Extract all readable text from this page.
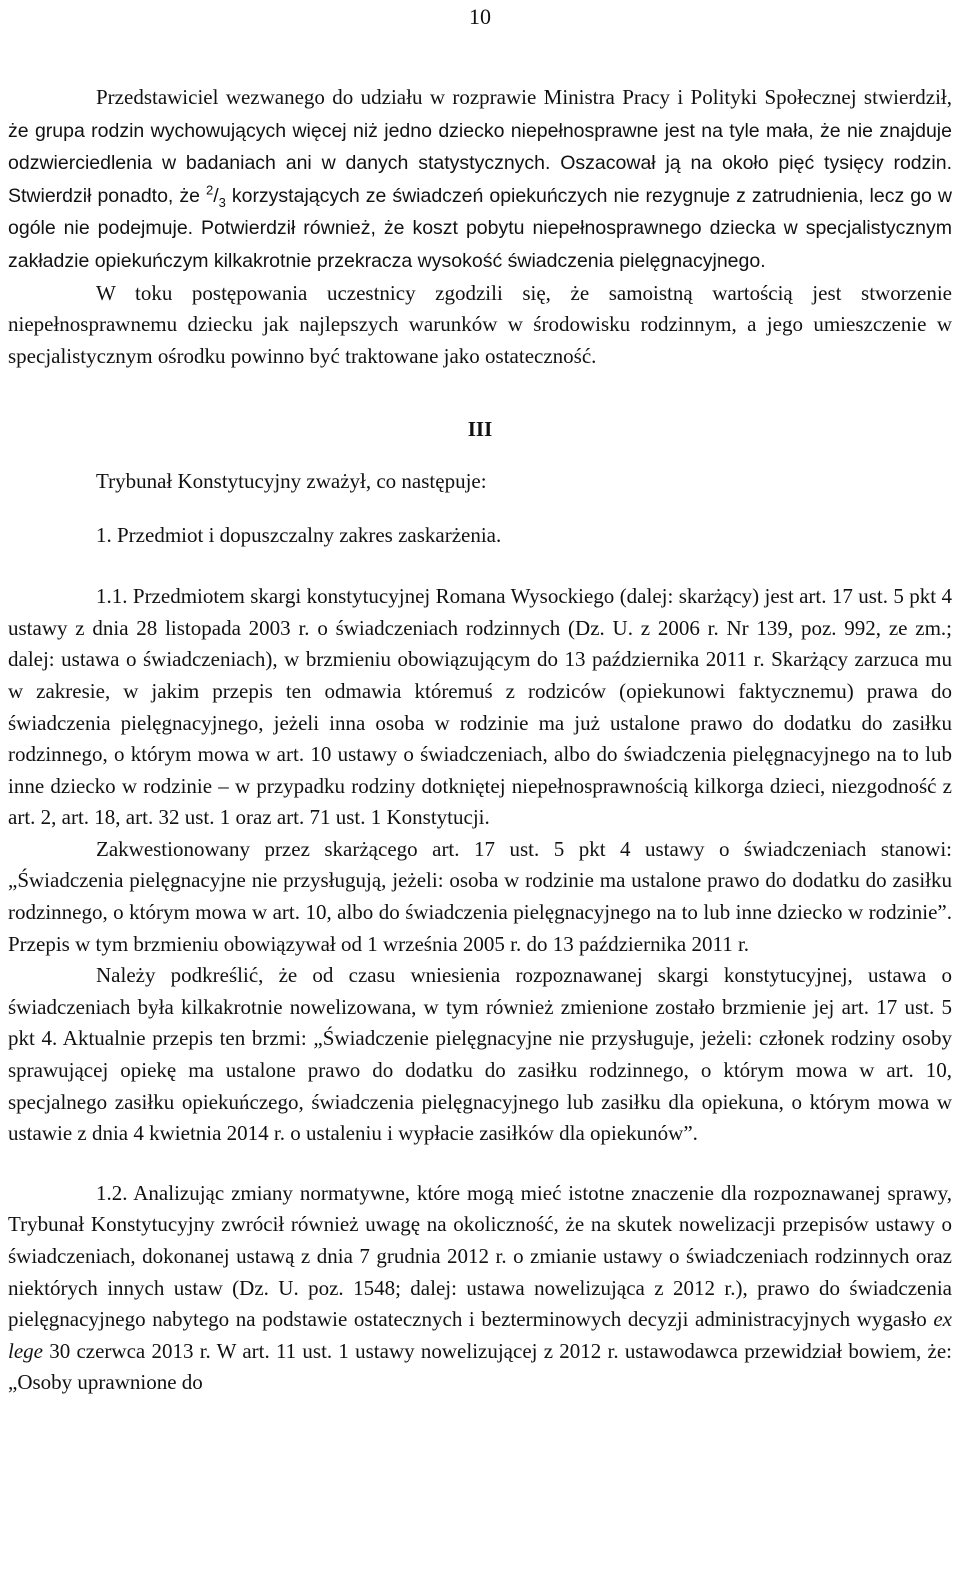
10

Przedstawiciel wezwanego do udziału w rozprawie Ministra Pracy i Polityki Społecznej stwierdził, że grupa rodzin wychowujących więcej niż jedno dziecko niepełnosprawne jest na tyle mała, że nie znajduje odzwierciedlenia w badaniach ani w danych statystycznych. Oszacował ją na około pięć tysięcy rodzin. Stwierdził ponadto, że $^2/_3$ korzystających ze świadczeń opiekuńczych nie rezygnuje z zatrudnienia, lecz go w ogóle nie podejmuje. Potwierdził również, że koszt pobytu niepełnosprawnego dziecka w specjalistycznym zakładzie opiekuńczym kilkakrotnie przekracza wysokość świadczenia pielęgnacyjnego.

W toku postępowania uczestnicy zgodzili się, że samoistną wartością jest stworzenie niepełnosprawnemu dziecku jak najlepszych warunków w środowisku rodzinnym, a jego umieszczenie w specjalistycznym ośrodku powinno być traktowane jako ostateczność.

III

Trybunał Konstytucyjny zważył, co następuje:

1. Przedmiot i dopuszczalny zakres zaskarżenia.

1.1. Przedmiotem skargi konstytucyjnej Romana Wysockiego (dalej: skarżący) jest art. 17 ust. 5 pkt 4 ustawy z dnia 28 listopada 2003 r. o świadczeniach rodzinnych (Dz. U. z 2006 r. Nr 139, poz. 992, ze zm.; dalej: ustawa o świadczeniach), w brzmieniu obowiązującym do 13 października 2011 r. Skarżący zarzuca mu w zakresie, w jakim przepis ten odmawia któremuś z rodziców (opiekunowi faktycznemu) prawa do świadczenia pielęgnacyjnego, jeżeli inna osoba w rodzinie ma już ustalone prawo do dodatku do zasiłku rodzinnego, o którym mowa w art. 10 ustawy o świadczeniach, albo do świadczenia pielęgnacyjnego na to lub inne dziecko w rodzinie – w przypadku rodziny dotkniętej niepełnosprawnością kilkorga dzieci, niezgodność z art. 2, art. 18, art. 32 ust. 1 oraz art. 71 ust. 1 Konstytucji.

Zakwestionowany przez skarżącego art. 17 ust. 5 pkt 4 ustawy o świadczeniach stanowi: „Świadczenia pielęgnacyjne nie przysługują, jeżeli: osoba w rodzinie ma ustalone prawo do dodatku do zasiłku rodzinnego, o którym mowa w art. 10, albo do świadczenia pielęgnacyjnego na to lub inne dziecko w rodzinie”. Przepis w tym brzmieniu obowiązywał od 1 września 2005 r. do 13 października 2011 r.

Należy podkreślić, że od czasu wniesienia rozpoznawanej skargi konstytucyjnej, ustawa o świadczeniach była kilkakrotnie nowelizowana, w tym również zmienione zostało brzmienie jej art. 17 ust. 5 pkt 4. Aktualnie przepis ten brzmi: „Świadczenie pielęgnacyjne nie przysługuje, jeżeli: członek rodziny osoby sprawującej opiekę ma ustalone prawo do dodatku do zasiłku rodzinnego, o którym mowa w art. 10, specjalnego zasiłku opiekuńczego, świadczenia pielęgnacyjnego lub zasiłku dla opiekuna, o którym mowa w ustawie z dnia 4 kwietnia 2014 r. o ustaleniu i wypłacie zasiłków dla opiekunów”.

1.2. Analizując zmiany normatywne, które mogą mieć istotne znaczenie dla rozpoznawanej sprawy, Trybunał Konstytucyjny zwrócił również uwagę na okoliczność, że na skutek nowelizacji przepisów ustawy o świadczeniach, dokonanej ustawą z dnia 7 grudnia 2012 r. o zmianie ustawy o świadczeniach rodzinnych oraz niektórych innych ustaw (Dz. U. poz. 1548; dalej: ustawa nowelizująca z 2012 r.), prawo do świadczenia pielęgnacyjnego nabytego na podstawie ostatecznych i bezterminowych decyzji administracyjnych wygasło ex lege 30 czerwca 2013 r. W art. 11 ust. 1 ustawy nowelizującej z 2012 r. ustawodawca przewidział bowiem, że: „Osoby uprawnione do
